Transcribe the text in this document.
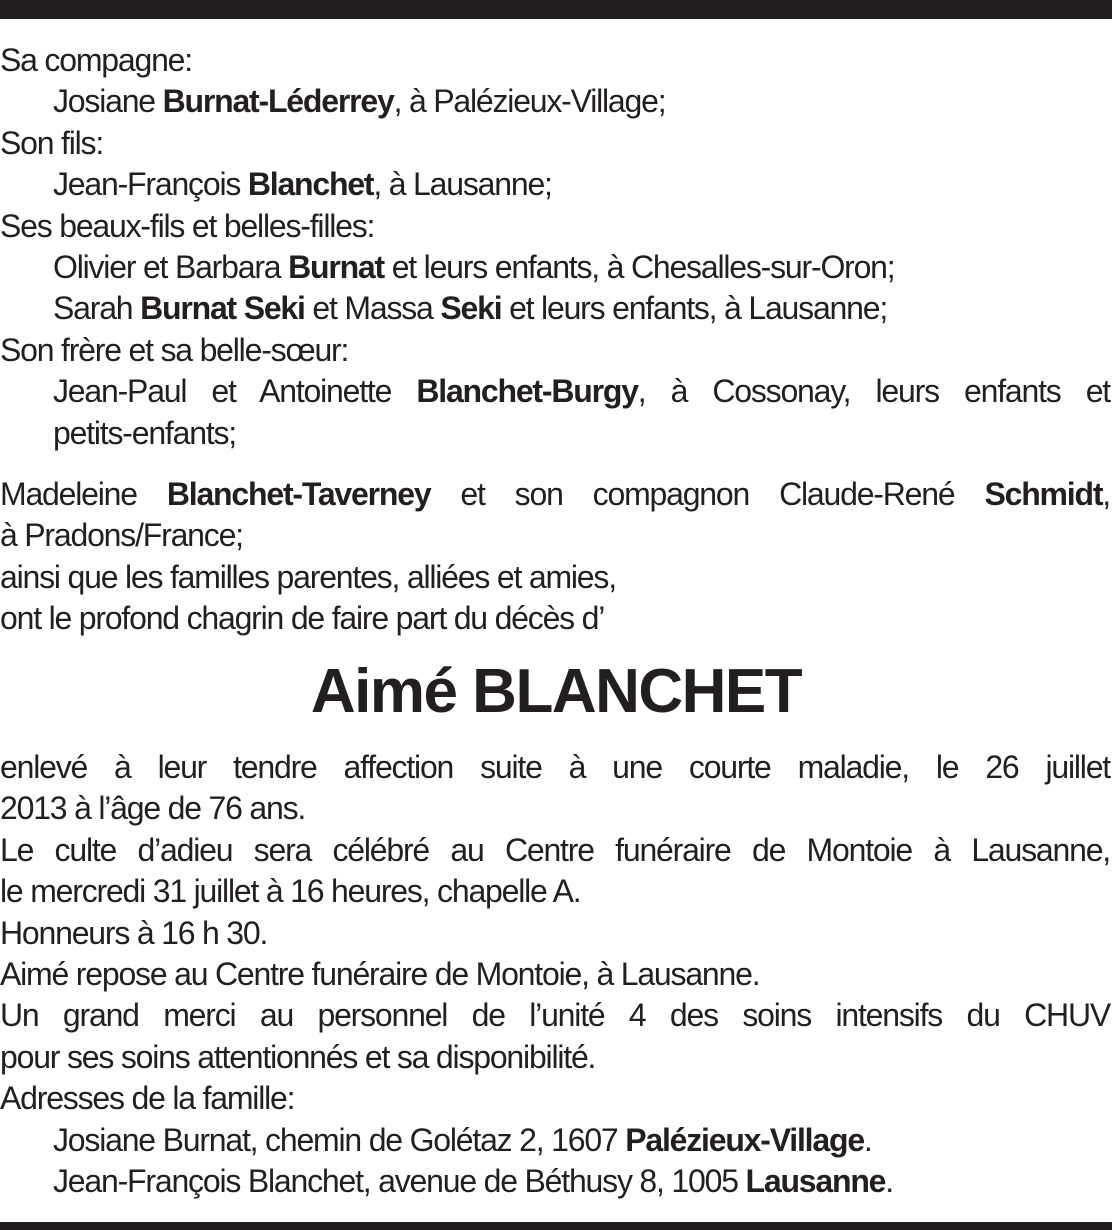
Sa compagne:
Josiane Burnat-Léderrey, à Palézieux-Village;
Son fils:
Jean-François Blanchet, à Lausanne;
Ses beaux-fils et belles-filles:
Olivier et Barbara Burnat et leurs enfants, à Chesalles-sur-Oron;
Sarah Burnat Seki et Massa Seki et leurs enfants, à Lausanne;
Son frère et sa belle-sœur:
Jean-Paul et Antoinette Blanchet-Burgy, à Cossonay, leurs enfants et
petits-enfants;
Madeleine Blanchet-Taverney et son compagnon Claude-René Schmidt,
à Pradons/France;
ainsi que les familles parentes, alliées et amies,
ont le profond chagrin de faire part du décès d’
Aimé BLANCHET
enlevé à leur tendre affection suite à une courte maladie, le 26 juillet
2013 à l’âge de 76 ans.
Le culte d’adieu sera célébré au Centre funéraire de Montoie à Lausanne,
le mercredi 31 juillet à 16 heures, chapelle A.
Honneurs à 16 h 30.
Aimé repose au Centre funéraire de Montoie, à Lausanne.
Un grand merci au personnel de l’unité 4 des soins intensifs du CHUV
pour ses soins attentionnés et sa disponibilité.
Adresses de la famille:
Josiane Burnat, chemin de Golétaz 2, 1607 Palézieux-Village.
Jean-François Blanchet, avenue de Béthusy 8, 1005 Lausanne.
